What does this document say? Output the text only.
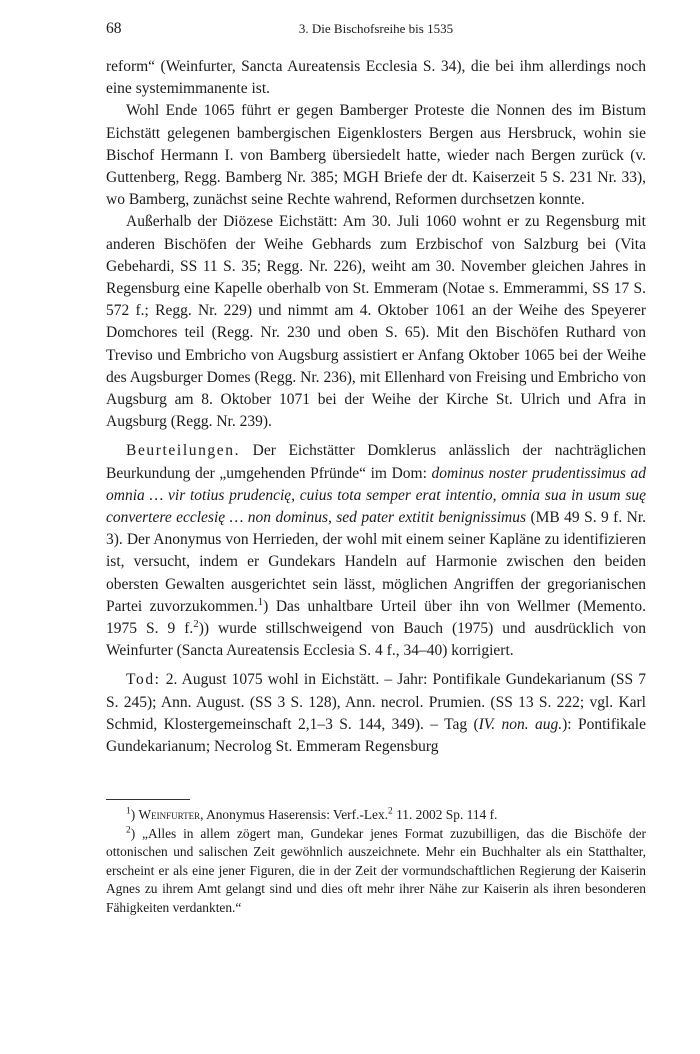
68	3. Die Bischofsreihe bis 1535

reform“ (Weinfurter, Sancta Aureatensis Ecclesia S. 34), die bei ihm allerdings noch eine systemimmanente ist.

Wohl Ende 1065 führt er gegen Bamberger Proteste die Nonnen des im Bistum Eichstätt gelegenen bambergischen Eigenklosters Bergen aus Hersbruck, wohin sie Bischof Hermann I. von Bamberg übersiedelt hatte, wieder nach Bergen zurück (v. Guttenberg, Regg. Bamberg Nr. 385; MGH Briefe der dt. Kaiserzeit 5 S. 231 Nr. 33), wo Bamberg, zunächst seine Rechte wahrend, Reformen durchsetzen konnte.

Außerhalb der Diözese Eichstätt: Am 30. Juli 1060 wohnt er zu Regensburg mit anderen Bischöfen der Weihe Gebhards zum Erzbischof von Salzburg bei (Vita Gebehardi, SS 11 S. 35; Regg. Nr. 226), weiht am 30. November gleichen Jahres in Regensburg eine Kapelle oberhalb von St. Emmeram (Notae s. Emmerammi, SS 17 S. 572 f.; Regg. Nr. 229) und nimmt am 4. Oktober 1061 an der Weihe des Speyerer Domchores teil (Regg. Nr. 230 und oben S. 65). Mit den Bischöfen Ruthard von Treviso und Embricho von Augsburg assistiert er Anfang Oktober 1065 bei der Weihe des Augsburger Domes (Regg. Nr. 236), mit Ellenhard von Freising und Embricho von Augsburg am 8. Oktober 1071 bei der Weihe der Kirche St. Ulrich und Afra in Augsburg (Regg. Nr. 239).

Beurteilungen. Der Eichstätter Domklerus anlässlich der nachträglichen Beurkundung der „umgehenden Pfründe“ im Dom: dominus noster prudentissimus ad omnia … vir totius prudencię, cuius tota semper erat intentio, omnia sua in usum suę convertere ecclesię … non dominus, sed pater extitit benignissimus (MB 49 S. 9 f. Nr. 3). Der Anonymus von Herrieden, der wohl mit einem seiner Kapläne zu identifizieren ist, versucht, indem er Gundekars Handeln auf Harmonie zwischen den beiden obersten Gewalten ausgerichtet sein lässt, möglichen Angriffen der gregorianischen Partei zuvorzukommen.$^1$) Das unhaltbare Urteil über ihn von Wellmer (Memento. 1975 S. 9 f.$^2$)) wurde stillschweigend von Bauch (1975) und ausdrücklich von Weinfurter (Sancta Aureatensis Ecclesia S. 4 f., 34–40) korrigiert.

Tod: 2. August 1075 wohl in Eichstätt. – Jahr: Pontifikale Gundekarianum (SS 7 S. 245); Ann. August. (SS 3 S. 128), Ann. necrol. Prumien. (SS 13 S. 222; vgl. Karl Schmid, Klostergemeinschaft 2,1–3 S. 144, 349). – Tag (IV. non. aug.): Pontifikale Gundekarianum; Necrolog St. Emmeram Regensburg

$^1$) Weinfurter, Anonymus Haserensis: Verf.-Lex.$^2$ 11. 2002 Sp. 114 f.

$^2$) „Alles in allem zögert man, Gundekar jenes Format zuzubilligen, das die Bischöfe der ottonischen und salischen Zeit gewöhnlich auszeichnete. Mehr ein Buchhalter als ein Statthalter, erscheint er als eine jener Figuren, die in der Zeit der vormundschaftlichen Regierung der Kaiserin Agnes zu ihrem Amt gelangt sind und dies oft mehr ihrer Nähe zur Kaiserin als ihren besonderen Fähigkeiten verdankten.“
